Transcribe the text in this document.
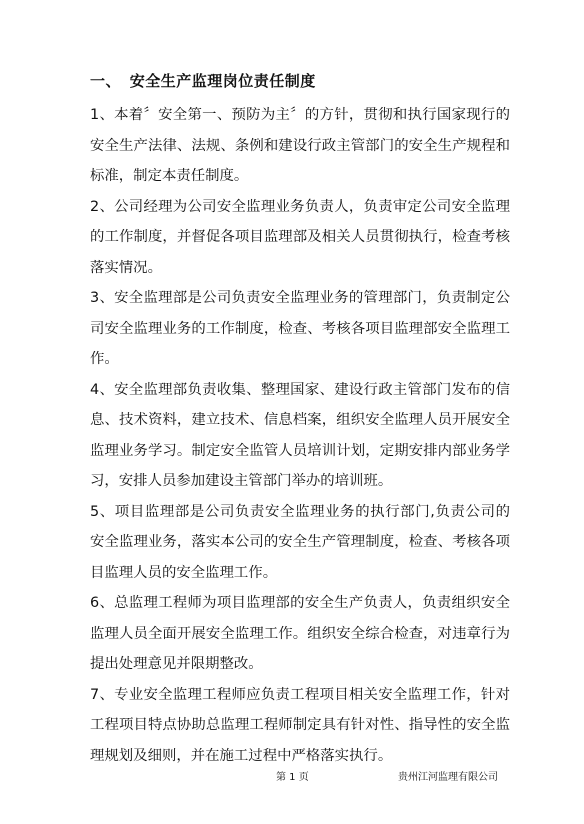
一、 安全生产监理岗位责任制度

1、本着〞安全第一、预防为主〞的方针，贯彻和执行国家现行的安全生产法律、法规、条例和建设行政主管部门的安全生产规程和标准，制定本责任制度。

2、公司经理为公司安全监理业务负责人，负责审定公司安全监理的工作制度，并督促各项目监理部及相关人员贯彻执行，检查考核落实情况。

3、安全监理部是公司负责安全监理业务的管理部门，负责制定公司安全监理业务的工作制度，检查、考核各项目监理部安全监理工作。

4、安全监理部负责收集、整理国家、建设行政主管部门发布的信息、技术资料，建立技术、信息档案，组织安全监理人员开展安全监理业务学习。制定安全监管人员培训计划，定期安排内部业务学习，安排人员参加建设主管部门举办的培训班。

5、项目监理部是公司负责安全监理业务的执行部门,负责公司的 安全监理业务，落实本公司的安全生产管理制度，检查、考核各项目监理人员的安全监理工作。

6、总监理工程师为项目监理部的安全生产负责人，负责组织安全监理人员全面开展安全监理工作。组织安全综合检查，对违章行为提出处理意见并限期整改。

7、专业安全监理工程师应负责工程项目相关安全监理工作，针对工程项目特点协助总监理工程师制定具有针对性、指导性的安全监理规划及细则，并在施工过程中严格落实执行。

第 1 页	贵州江河监理有限公司
